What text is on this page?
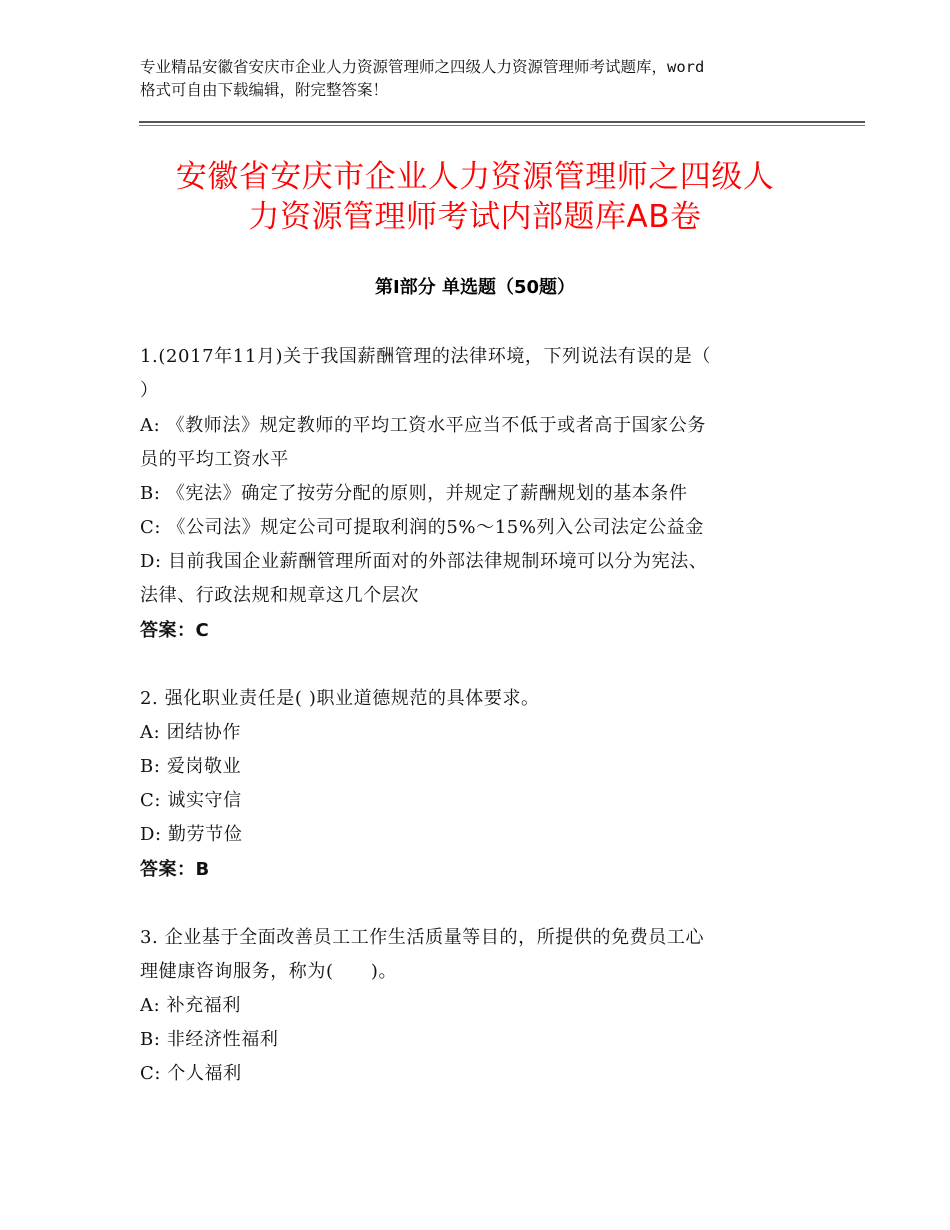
专业精品安徽省安庆市企业人力资源管理师之四级人力资源管理师考试题库，word
格式可自由下载编辑，附完整答案！
安徽省安庆市企业人力资源管理师之四级人
力资源管理师考试内部题库AB卷
第Ⅰ部分 单选题（50题）
1.(2017年11月)关于我国薪酬管理的法律环境，下列说法有误的是（
）
A: 《教师法》规定教师的平均工资水平应当不低于或者高于国家公务
员的平均工资水平
B: 《宪法》确定了按劳分配的原则，并规定了薪酬规划的基本条件
C: 《公司法》规定公司可提取利润的5%～15%列入公司法定公益金
D: 目前我国企业薪酬管理所面对的外部法律规制环境可以分为宪法、
法律、行政法规和规章这几个层次
答案：C
2. 强化职业责任是( )职业道德规范的具体要求。
A: 团结协作
B: 爱岗敬业
C: 诚实守信
D: 勤劳节俭
答案：B
3. 企业基于全面改善员工工作生活质量等目的，所提供的免费员工心
理健康咨询服务，称为(　　)。
A: 补充福利
B: 非经济性福利
C: 个人福利
